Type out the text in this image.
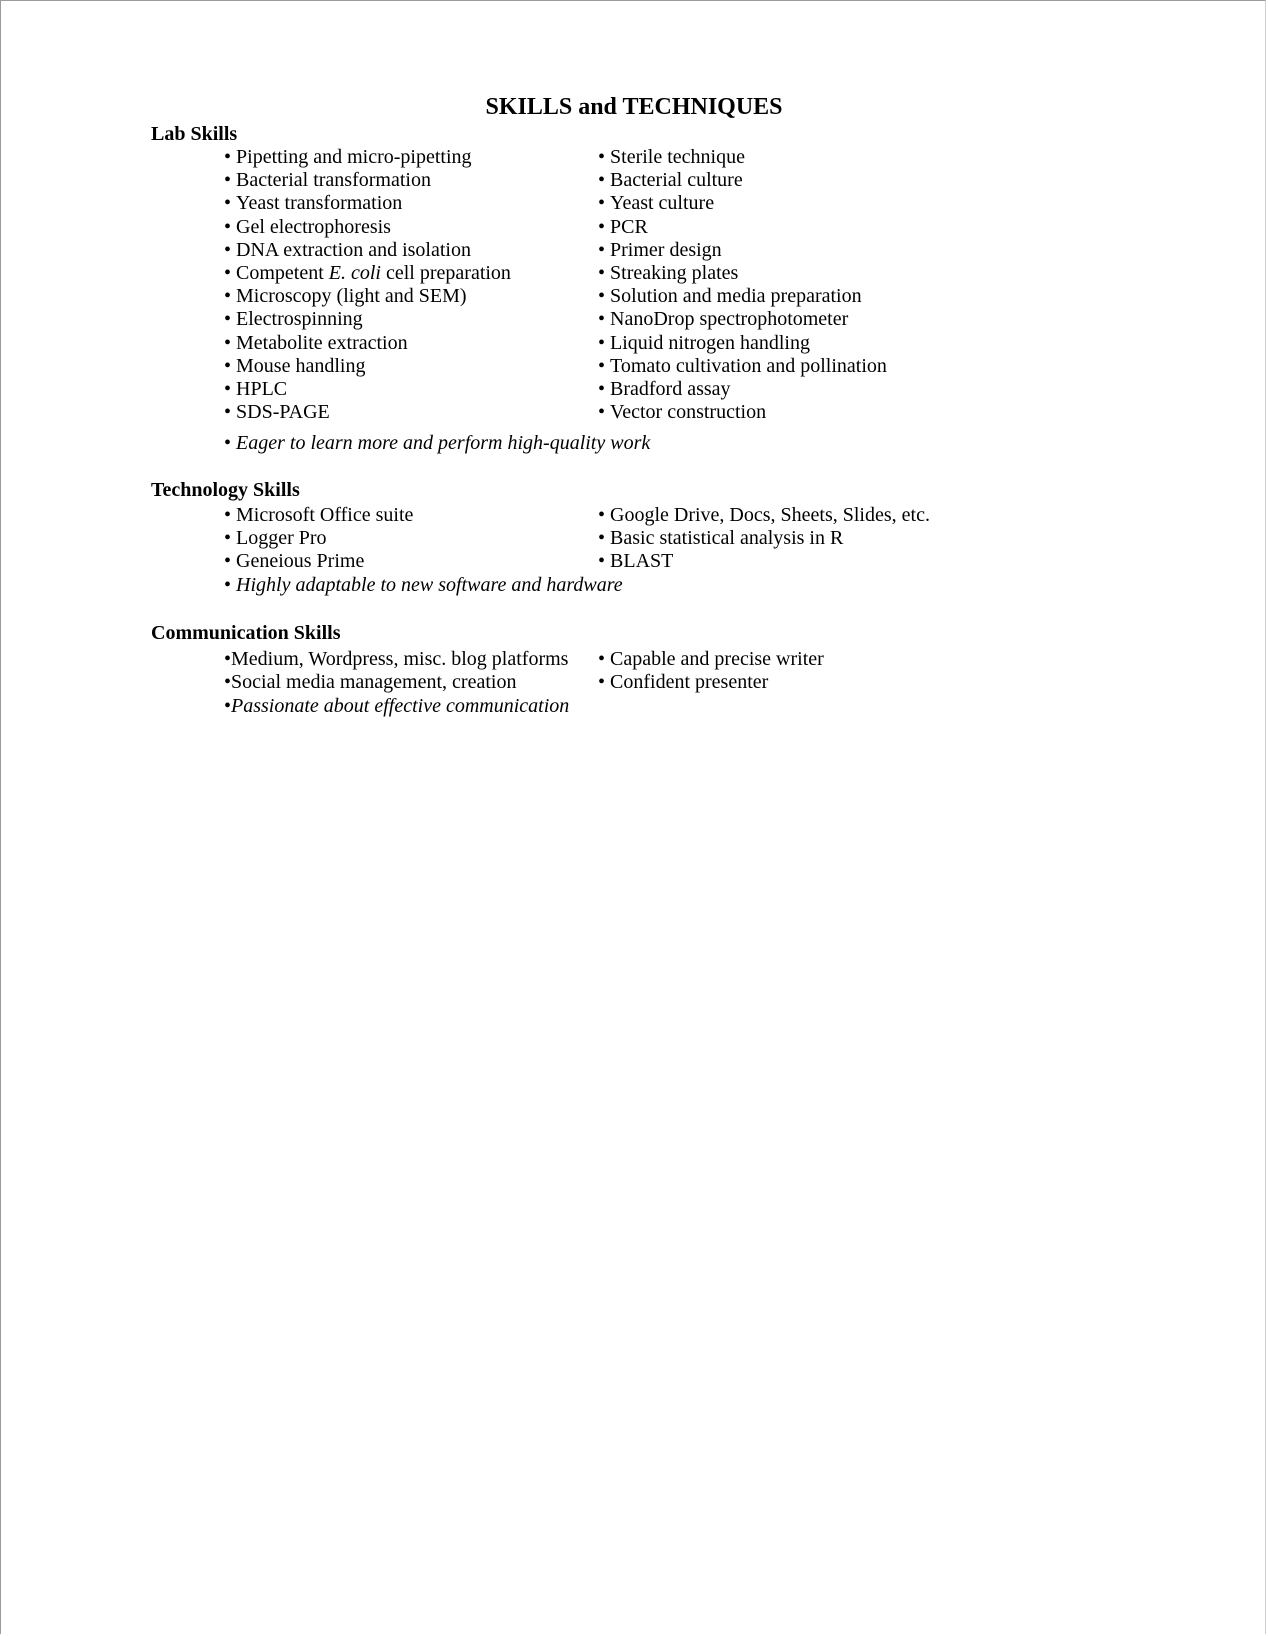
SKILLS and TECHNIQUES
Lab Skills
• Pipetting and micro-pipetting
• Bacterial transformation
• Yeast transformation
• Gel electrophoresis
• DNA extraction and isolation
• Competent E. coli cell preparation
• Microscopy (light and SEM)
• Electrospinning
• Metabolite extraction
• Mouse handling
• HPLC
• SDS-PAGE
• Sterile technique
• Bacterial culture
• Yeast culture
• PCR
• Primer design
• Streaking plates
• Solution and media preparation
• NanoDrop spectrophotometer
• Liquid nitrogen handling
• Tomato cultivation and pollination
• Bradford assay
• Vector construction
• Eager to learn more and perform high-quality work
Technology Skills
• Microsoft Office suite
• Logger Pro
• Geneious Prime
• Google Drive, Docs, Sheets, Slides, etc.
• Basic statistical analysis in R
• BLAST
• Highly adaptable to new software and hardware
Communication Skills
•Medium, Wordpress, misc. blog platforms
•Social media management, creation
• Capable and precise writer
• Confident presenter
•Passionate about effective communication
